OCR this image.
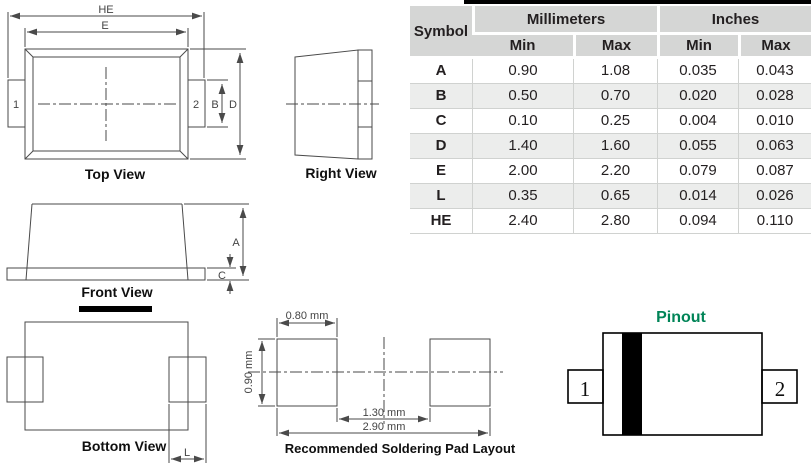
1	2
HE
E
B D
Top View	Right View
A
C
Front View
L
Bottom View
0.80 mm
0.90 mm
1.30 mm
2.90 mm
Recommended Soldering Pad Layout
Pinout
1	2
Symbol	Millimeters		Inches	
	Min	Max	Min	Max
A	0.90	1.08	0.035	0.043
B	0.50	0.70	0.020	0.028
C	0.10	0.25	0.004	0.010
D	1.40	1.60	0.055	0.063
E	2.00	2.20	0.079	0.087
L	0.35	0.65	0.014	0.026
HE	2.40	2.80	0.094	0.110
